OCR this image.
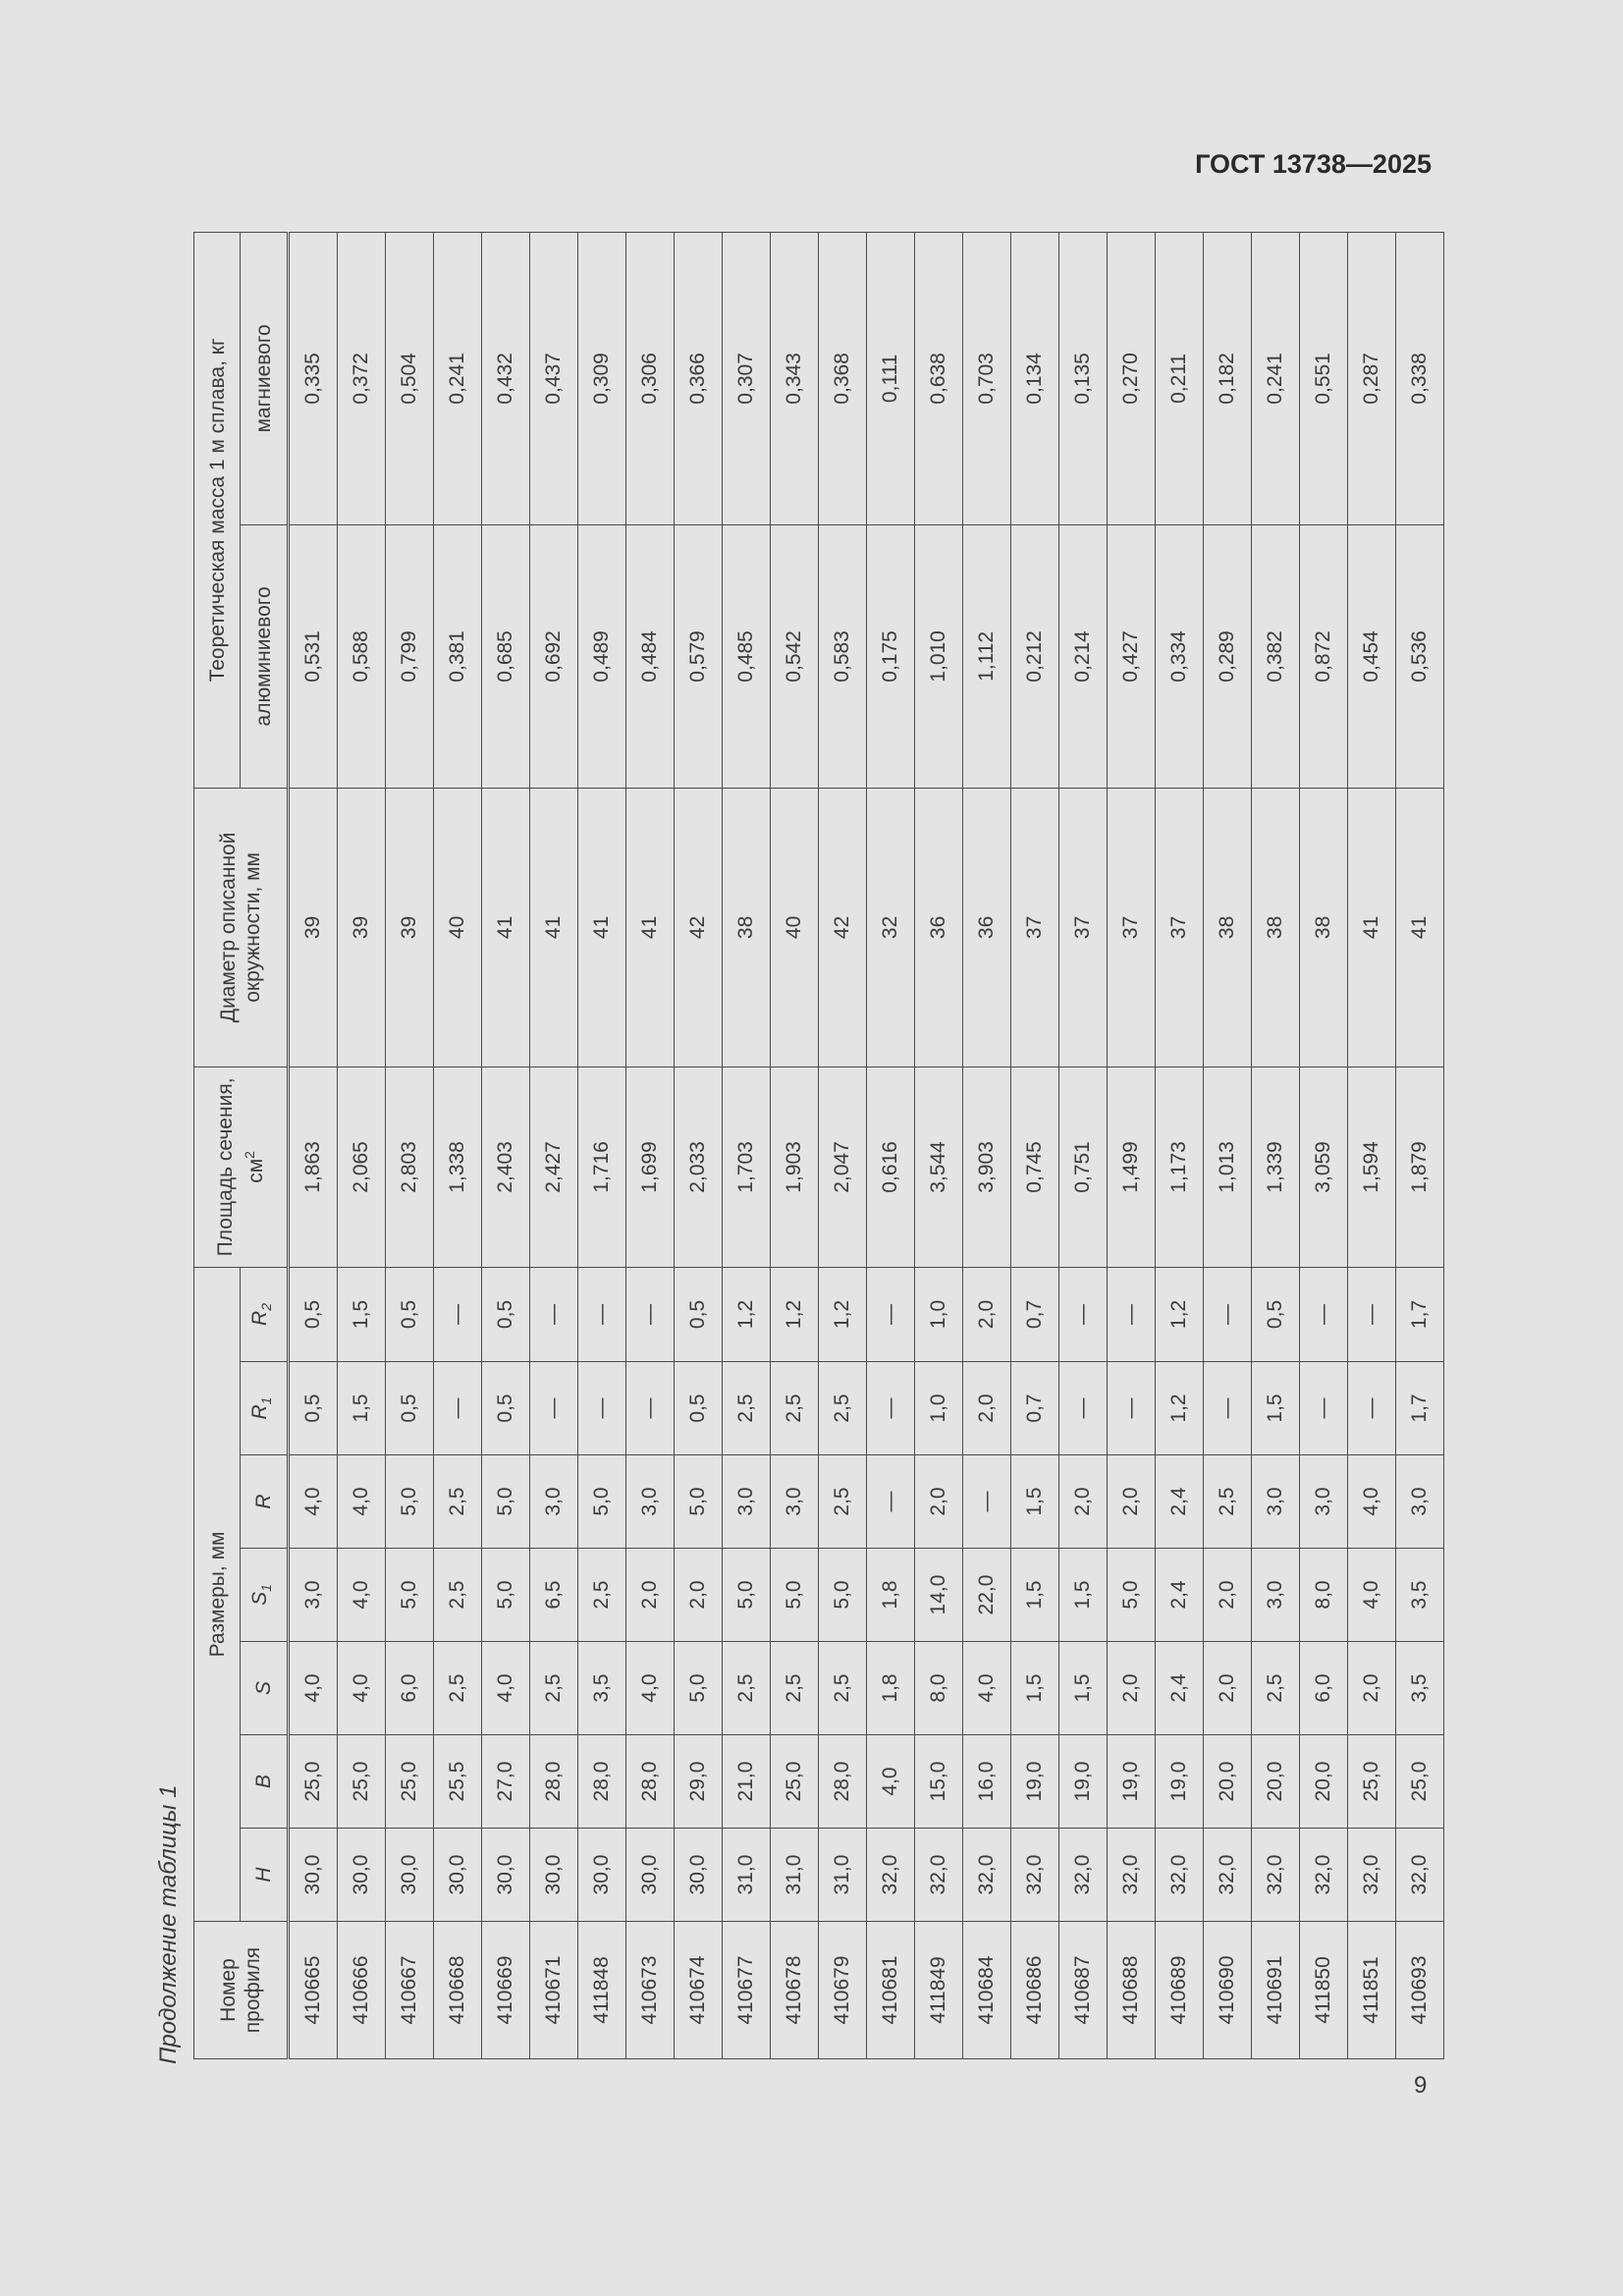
ГОСТ 13738—2025
Продолжение таблицы 1 Номер профиля	Размеры, мм							Площадь сечения, $см^2$	Диаметр описанной окружности, мм	Теоретическая масса 1 м сплава, кг	
	H	B	S	$S_1$	R	$R_1$	$R_2$			алюминиевого	магниевого
410665	30,0	25,0	4,0	3,0	4,0	0,5	0,5	1,863	39	0,531	0,335
410666	30,0	25,0	4,0	4,0	4,0	1,5	1,5	2,065	39	0,588	0,372
410667	30,0	25,0	6,0	5,0	5,0	0,5	0,5	2,803	39	0,799	0,504
410668	30,0	25,5	2,5	2,5	2,5	—	—	1,338	40	0,381	0,241
410669	30,0	27,0	4,0	5,0	5,0	0,5	0,5	2,403	41	0,685	0,432
410671	30,0	28,0	2,5	6,5	3,0	—	—	2,427	41	0,692	0,437
411848	30,0	28,0	3,5	2,5	5,0	—	—	1,716	41	0,489	0,309
410673	30,0	28,0	4,0	2,0	3,0	—	—	1,699	41	0,484	0,306
410674	30,0	29,0	5,0	2,0	5,0	0,5	0,5	2,033	42	0,579	0,366
410677	31,0	21,0	2,5	5,0	3,0	2,5	1,2	1,703	38	0,485	0,307
410678	31,0	25,0	2,5	5,0	3,0	2,5	1,2	1,903	40	0,542	0,343
410679	31,0	28,0	2,5	5,0	2,5	2,5	1,2	2,047	42	0,583	0,368
410681	32,0	4,0	1,8	1,8	—	—	—	0,616	32	0,175	0,111
411849	32,0	15,0	8,0	14,0	2,0	1,0	1,0	3,544	36	1,010	0,638
410684	32,0	16,0	4,0	22,0	—	2,0	2,0	3,903	36	1,112	0,703
410686	32,0	19,0	1,5	1,5	1,5	0,7	0,7	0,745	37	0,212	0,134
410687	32,0	19,0	1,5	1,5	2,0	—	—	0,751	37	0,214	0,135
410688	32,0	19,0	2,0	5,0	2,0	—	—	1,499	37	0,427	0,270
410689	32,0	19,0	2,4	2,4	2,4	1,2	1,2	1,173	37	0,334	0,211
410690	32,0	20,0	2,0	2,0	2,5	—	—	1,013	38	0,289	0,182
410691	32,0	20,0	2,5	3,0	3,0	1,5	0,5	1,339	38	0,382	0,241
411850	32,0	20,0	6,0	8,0	3,0	—	—	3,059	38	0,872	0,551
411851	32,0	25,0	2,0	4,0	4,0	—	—	1,594	41	0,454	0,287
410693	32,0	25,0	3,5	3,5	3,0	1,7	1,7	1,879	41	0,536	0,338
9
